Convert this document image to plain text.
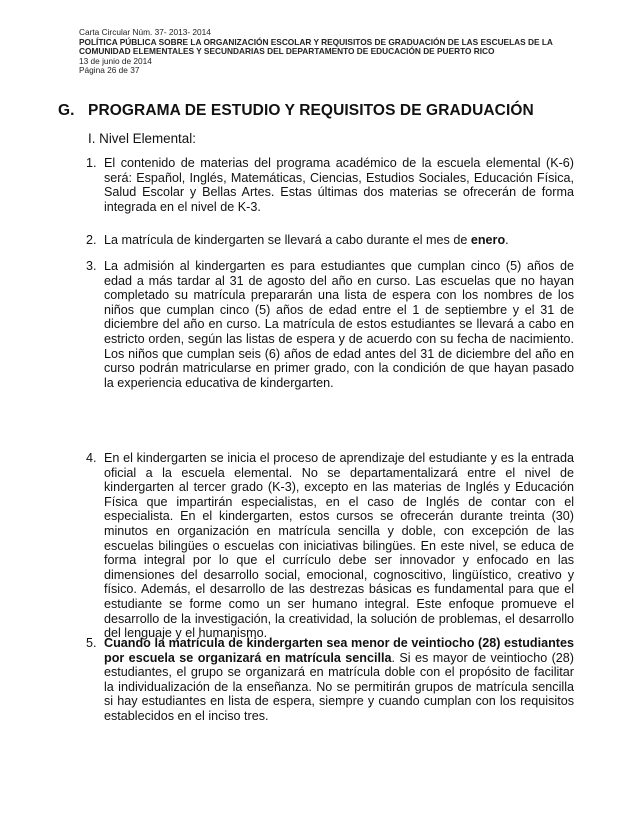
Carta Circular Núm. 37- 2013- 2014
POLÍTICA PÚBLICA SOBRE LA ORGANIZACIÓN ESCOLAR Y REQUISITOS DE GRADUACIÓN DE LAS ESCUELAS DE LA
COMUNIDAD ELEMENTALES Y SECUNDARIAS DEL DEPARTAMENTO DE EDUCACIÓN DE PUERTO RICO
13 de junio de 2014
Página 26 de 37
G. PROGRAMA DE ESTUDIO Y REQUISITOS DE GRADUACIÓN
I. Nivel Elemental:
1. El contenido de materias del programa académico de la escuela elemental (K-6) será: Español, Inglés, Matemáticas, Ciencias, Estudios Sociales, Educación Física, Salud Escolar y Bellas Artes. Estas últimas dos materias se ofrecerán de forma integrada en el nivel de K-3.
2. La matrícula de kindergarten se llevará a cabo durante el mes de enero.
3. La admisión al kindergarten es para estudiantes que cumplan cinco (5) años de edad a más tardar al 31 de agosto del año en curso. Las escuelas que no hayan completado su matrícula prepararán una lista de espera con los nombres de los niños que cumplan cinco (5) años de edad entre el 1 de septiembre y el 31 de diciembre del año en curso. La matrícula de estos estudiantes se llevará a cabo en estricto orden, según las listas de espera y de acuerdo con su fecha de nacimiento. Los niños que cumplan seis (6) años de edad antes del 31 de diciembre del año en curso podrán matricularse en primer grado, con la condición de que hayan pasado la experiencia educativa de kindergarten.
4. En el kindergarten se inicia el proceso de aprendizaje del estudiante y es la entrada oficial a la escuela elemental. No se departamentalizará entre el nivel de kindergarten al tercer grado (K-3), excepto en las materias de Inglés y Educación Física que impartirán especialistas, en el caso de Inglés de contar con el especialista. En el kindergarten, estos cursos se ofrecerán durante treinta (30) minutos en organización en matrícula sencilla y doble, con excepción de las escuelas bilingües o escuelas con iniciativas bilingües. En este nivel, se educa de forma integral por lo que el currículo debe ser innovador y enfocado en las dimensiones del desarrollo social, emocional, cognoscitivo, lingüístico, creativo y físico. Además, el desarrollo de las destrezas básicas es fundamental para que el estudiante se forme como un ser humano integral. Este enfoque promueve el desarrollo de la investigación, la creatividad, la solución de problemas, el desarrollo del lenguaje y el humanismo.
5. Cuando la matrícula de kindergarten sea menor de veintiocho (28) estudiantes por escuela se organizará en matrícula sencilla. Si es mayor de veintiocho (28) estudiantes, el grupo se organizará en matrícula doble con el propósito de facilitar la individualización de la enseñanza. No se permitirán grupos de matrícula sencilla si hay estudiantes en lista de espera, siempre y cuando cumplan con los requisitos establecidos en el inciso tres.
